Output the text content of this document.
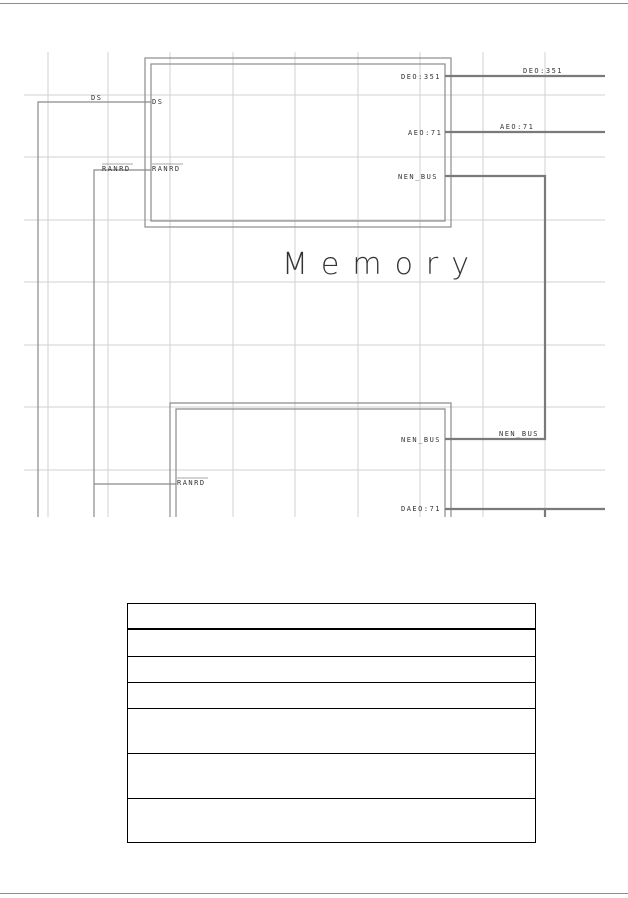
DS	DS
RANRD	RANRD
DEO:351
DEO:351
AEO:71
AEO:71
NEN_BUS
NEN_BUS
NEN_BUS
RANRD
DAEO:71
Memory
